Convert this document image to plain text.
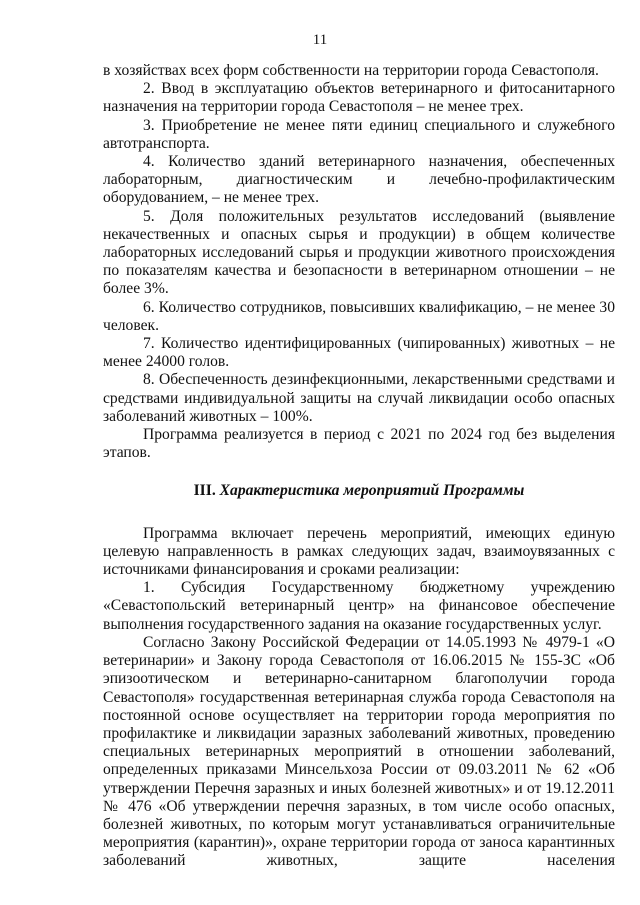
11

в хозяйствах всех форм собственности на территории города Севастополя.

2. Ввод в эксплуатацию объектов ветеринарного и фитосанитарного назначения на территории города Севастополя – не менее трех.

3. Приобретение не менее пяти единиц специального и служебного автотранспорта.

4. Количество зданий ветеринарного назначения, обеспеченных лабораторным, диагностическим и лечебно-профилактическим оборудованием, – не менее трех.

5. Доля положительных результатов исследований (выявление некачественных и опасных сырья и продукции) в общем количестве лабораторных исследований сырья и продукции животного происхождения по показателям качества и безопасности в ветеринарном отношении – не более 3%.

6. Количество сотрудников, повысивших квалификацию, – не менее 30 человек.

7. Количество идентифицированных (чипированных) животных – не менее 24000 голов.

8. Обеспеченность дезинфекционными, лекарственными средствами и средствами индивидуальной защиты на случай ликвидации особо опасных заболеваний животных – 100%.

Программа реализуется в период с 2021 по 2024 год без выделения этапов.

III. Характеристика мероприятий Программы

Программа включает перечень мероприятий, имеющих единую целевую направленность в рамках следующих задач, взаимоувязанных с источниками финансирования и сроками реализации:

1. Субсидия Государственному бюджетному учреждению «Севастопольский ветеринарный центр» на финансовое обеспечение выполнения государственного задания на оказание государственных услуг.

Согласно Закону Российской Федерации от 14.05.1993 № 4979-1 «О ветеринарии» и Закону города Севастополя от 16.06.2015 № 155-ЗС «Об эпизоотическом и ветеринарно-санитарном благополучии города Севастополя» государственная ветеринарная служба города Севастополя на постоянной основе осуществляет на территории города мероприятия по профилактике и ликвидации заразных заболеваний животных, проведению специальных ветеринарных мероприятий в отношении заболеваний, определенных приказами Минсельхоза России от 09.03.2011 № 62 «Об утверждении Перечня заразных и иных болезней животных» и от 19.12.2011 № 476 «Об утверждении перечня заразных, в том числе особо опасных, болезней животных, по которым могут устанавливаться ограничительные мероприятия (карантин)», охране территории города от заноса карантинных заболеваний животных, защите населения
